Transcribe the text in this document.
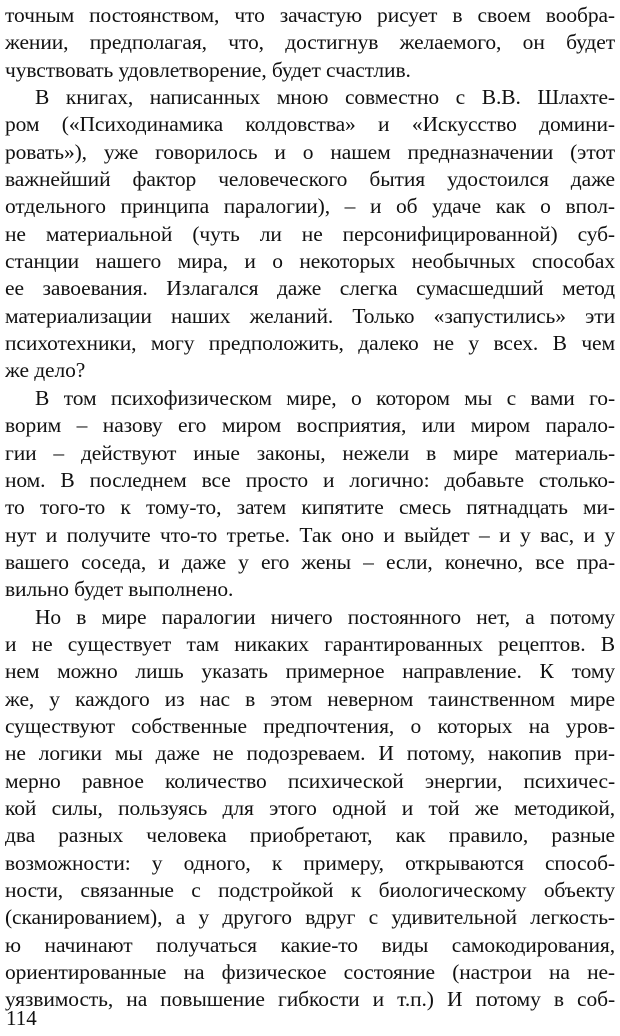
точным постоянством, что зачастую рисует в своем вообра-
жении, предполагая, что, достигнув желаемого, он будет
чувствовать удовлетворение, будет счастлив.
В книгах, написанных мною совместно с В.В. Шлахте-
ром («Психодинамика колдовства» и «Искусство домини-
ровать»), уже говорилось и о нашем предназначении (этот
важнейший фактор человеческого бытия удостоился даже
отдельного принципа паралогии), – и об удаче как о впол-
не материальной (чуть ли не персонифицированной) суб-
станции нашего мира, и о некоторых необычных способах
ее завоевания. Излагался даже слегка сумасшедший метод
материализации наших желаний. Только «запустились» эти
психотехники, могу предположить, далеко не у всех. В чем
же дело?
В том психофизическом мире, о котором мы с вами го-
ворим – назову его миром восприятия, или миром парало-
гии – действуют иные законы, нежели в мире материаль-
ном. В последнем все просто и логично: добавьте столько-
то того-то к тому-то, затем кипятите смесь пятнадцать ми-
нут и получите что-то третье. Так оно и выйдет – и у вас, и у
вашего соседа, и даже у его жены – если, конечно, все пра-
вильно будет выполнено.
Но в мире паралогии ничего постоянного нет, а потому
и не существует там никаких гарантированных рецептов. В
нем можно лишь указать примерное направление. К тому
же, у каждого из нас в этом неверном таинственном мире
существуют собственные предпочтения, о которых на уров-
не логики мы даже не подозреваем. И потому, накопив при-
мерно равное количество психической энергии, психичес-
кой силы, пользуясь для этого одной и той же методикой,
два разных человека приобретают, как правило, разные
возможности: у одного, к примеру, открываются способ-
ности, связанные с подстройкой к биологическому объекту
(сканированием), а у другого вдруг с удивительной легкость-
ю начинают получаться какие-то виды самокодирования,
ориентированные на физическое состояние (настрои на не-
уязвимость, на повышение гибкости и т.п.) И потому в соб-
114
